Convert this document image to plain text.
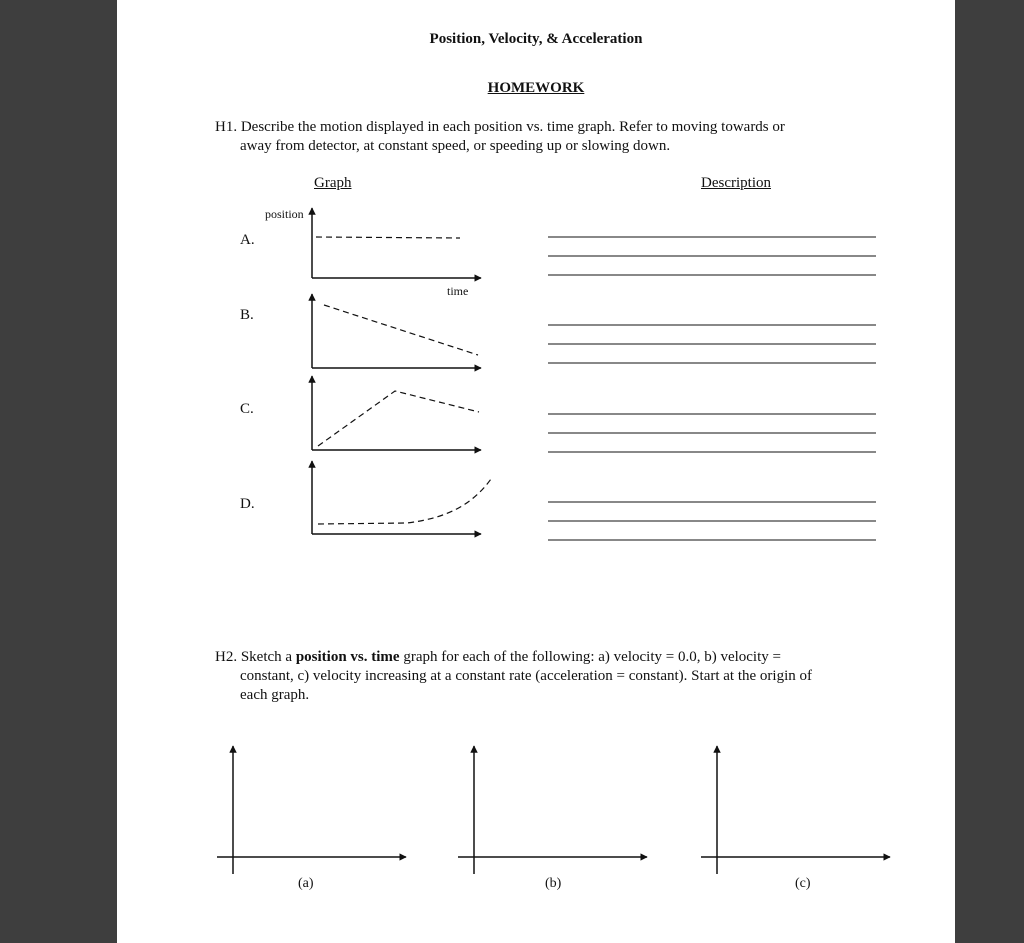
Position, Velocity, & Acceleration
HOMEWORK
H1. Describe the motion displayed in each position vs. time graph. Refer to moving towards or
away from detector, at constant speed, or speeding up or slowing down.
Graph	Description
A.
B.
C.
D.
position
time
H2. Sketch a position vs. time graph for each of the following: a) velocity = 0.0, b) velocity =
constant, c) velocity increasing at a constant rate (acceleration = constant). Start at the origin of
each graph.
(a)	(b)	(c)
